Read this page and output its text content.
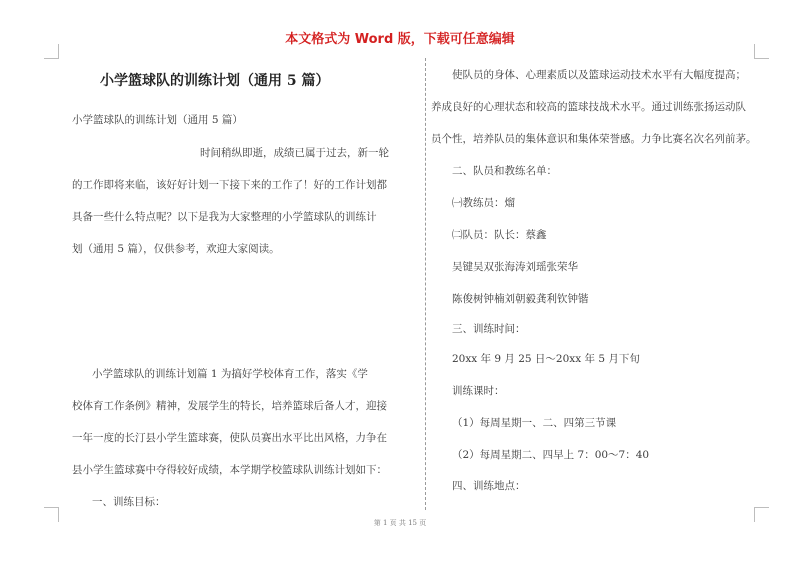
本文格式为 Word 版，下载可任意编辑
小学篮球队的训练计划（通用 5 篇）
小学篮球队的训练计划（通用 5 篇）
时间稍纵即逝，成绩已属于过去，新一轮
的工作即将来临，该好好计划一下接下来的工作了！好的工作计划都
具备一些什么特点呢？以下是我为大家整理的小学篮球队的训练计
划（通用 5 篇），仅供参考，欢迎大家阅读。
小学篮球队的训练计划篇 1 为搞好学校体育工作，落实《学
校体育工作条例》精神，发展学生的特长，培养篮球后备人才，迎接
一年一度的长汀县小学生篮球赛，使队员赛出水平比出风格，力争在
县小学生篮球赛中夺得较好成绩，本学期学校篮球队训练计划如下：
一、训练目标：
使队员的身体、心理素质以及篮球运动技术水平有大幅度提高；
养成良好的心理状态和较高的篮球技战术水平。通过训练张扬运动队
员个性，培养队员的集体意识和集体荣誉感。力争比赛名次名列前茅。
二、队员和教练名单：
㈠教练员：熘
㈡队员：队长：蔡鑫
吴键吴双张海涛刘瑶张荣华
陈俊树钟楠刘朝毅龚利钦钟锴
三、训练时间：
20xx 年 9 月 25 日～20xx 年 5 月下旬
训练课时：
（1）每周星期一、二、四第三节课
（2）每周星期二、四早上 7：00～7：40
四、训练地点：
第 1 页 共 15 页
